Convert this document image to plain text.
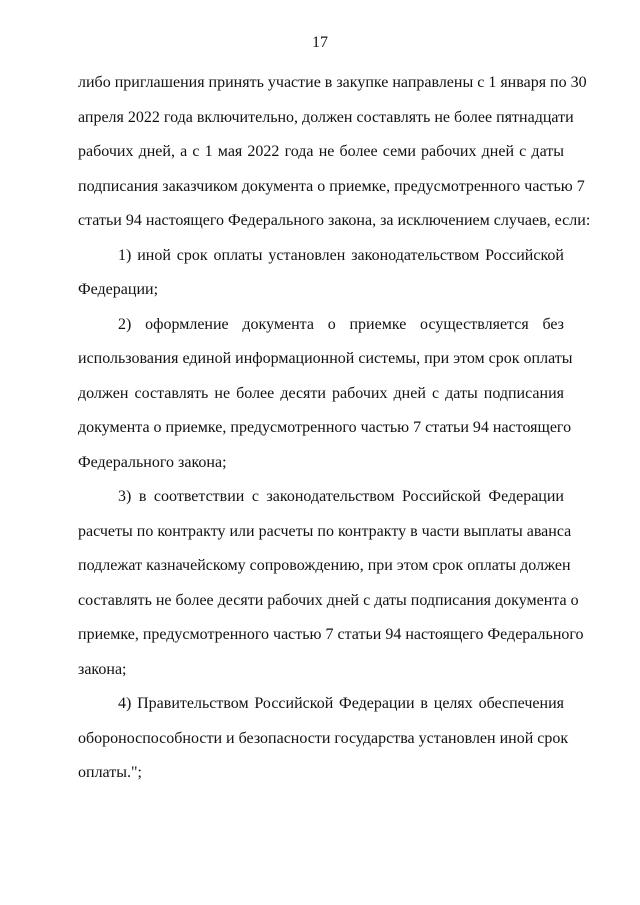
17
либо приглашения принять участие в закупке направлены с 1 января по 30
апреля 2022 года включительно, должен составлять не более пятнадцати
рабочих дней, а с 1 мая 2022 года не более семи рабочих дней с даты
подписания заказчиком документа о приемке, предусмотренного частью 7
статьи 94 настоящего Федерального закона, за исключением случаев, если:
1) иной срок оплаты установлен законодательством Российской
Федерации;
2) оформление документа о приемке осуществляется без
использования единой информационной системы, при этом срок оплаты
должен составлять не более десяти рабочих дней с даты подписания
документа о приемке, предусмотренного частью 7 статьи 94 настоящего
Федерального закона;
3) в соответствии с законодательством Российской Федерации
расчеты по контракту или расчеты по контракту в части выплаты аванса
подлежат казначейскому сопровождению, при этом срок оплаты должен
составлять не более десяти рабочих дней с даты подписания документа о
приемке, предусмотренного частью 7 статьи 94 настоящего Федерального
закона;
4) Правительством Российской Федерации в целях обеспечения
обороноспособности и безопасности государства установлен иной срок
оплаты.";
